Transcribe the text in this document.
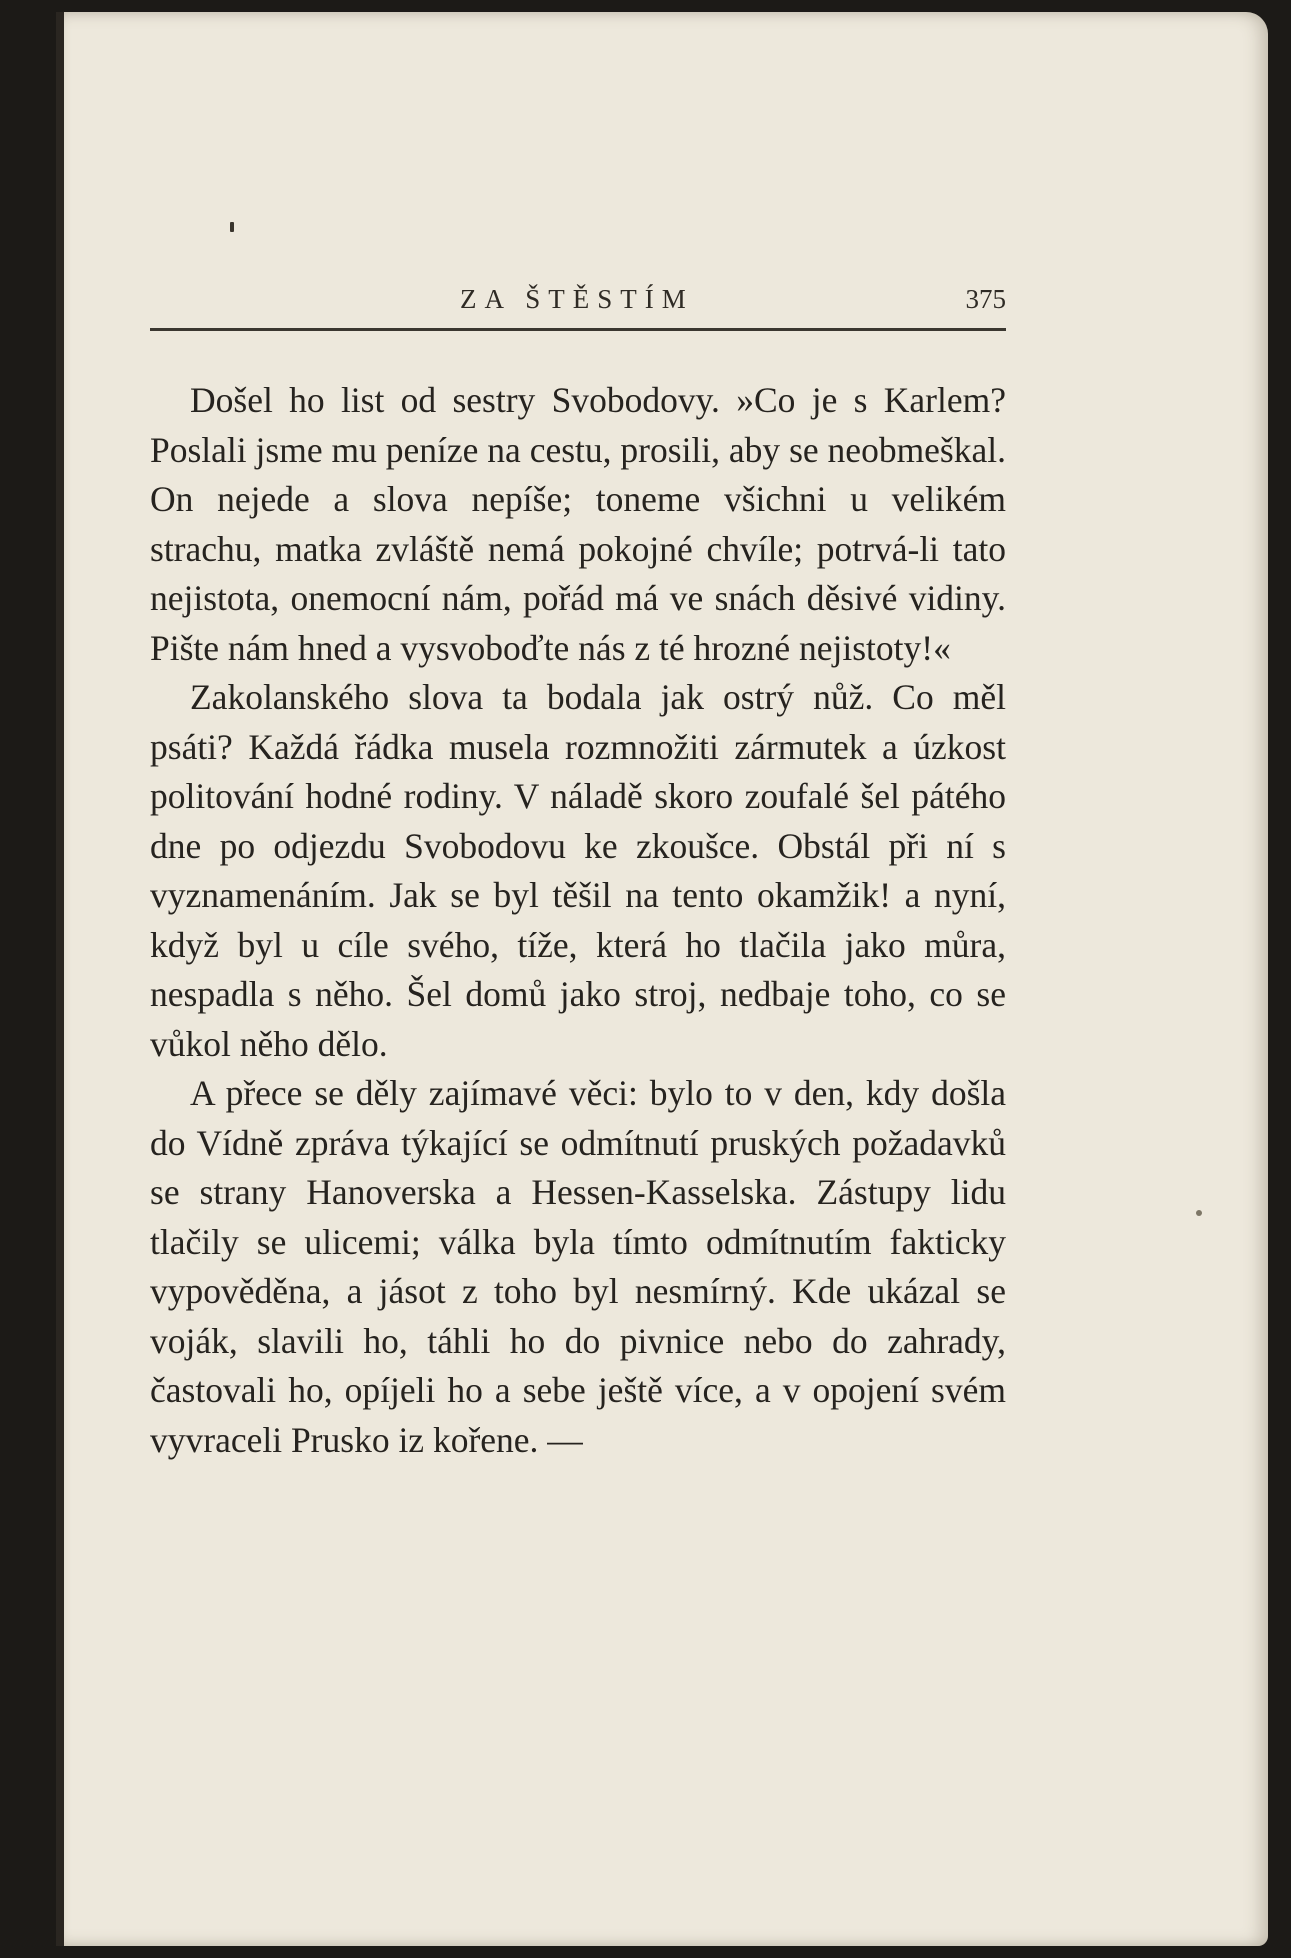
ZA ŠTĚSTÍM	375

Došel ho list od sestry Svobodovy. »Co je s Karlem? Poslali jsme mu peníze na cestu, prosili, aby se neobmeškal. On nejede a slova nepíše; toneme všichni u velikém strachu, matka zvláště nemá pokojné chvíle; potrvá-li tato nejistota, onemocní nám, pořád má ve snách děsivé vidiny. Pište nám hned a vysvoboďte nás z té hrozné nejistoty!«

Zakolanského slova ta bodala jak ostrý nůž. Co měl psáti? Každá řádka musela rozmnožiti zármutek a úzkost politování hodné rodiny. V náladě skoro zoufalé šel pátého dne po odjezdu Svobodovu ke zkoušce. Obstál při ní s vyznamenáním. Jak se byl těšil na tento okamžik! a nyní, když byl u cíle svého, tíže, která ho tlačila jako můra, nespadla s něho. Šel domů jako stroj, nedbaje toho, co se vůkol něho dělo.

A přece se děly zajímavé věci: bylo to v den, kdy došla do Vídně zpráva týkající se odmítnutí pruských požadavků se strany Hanoverska a Hessen-Kasselska. Zástupy lidu tlačily se ulicemi; válka byla tímto odmítnutím fakticky vypověděna, a jásot z toho byl nesmírný. Kde ukázal se voják, slavili ho, táhli ho do pivnice nebo do zahrady, častovali ho, opíjeli ho a sebe ještě více, a v opojení svém vyvraceli Prusko iz kořene. —
